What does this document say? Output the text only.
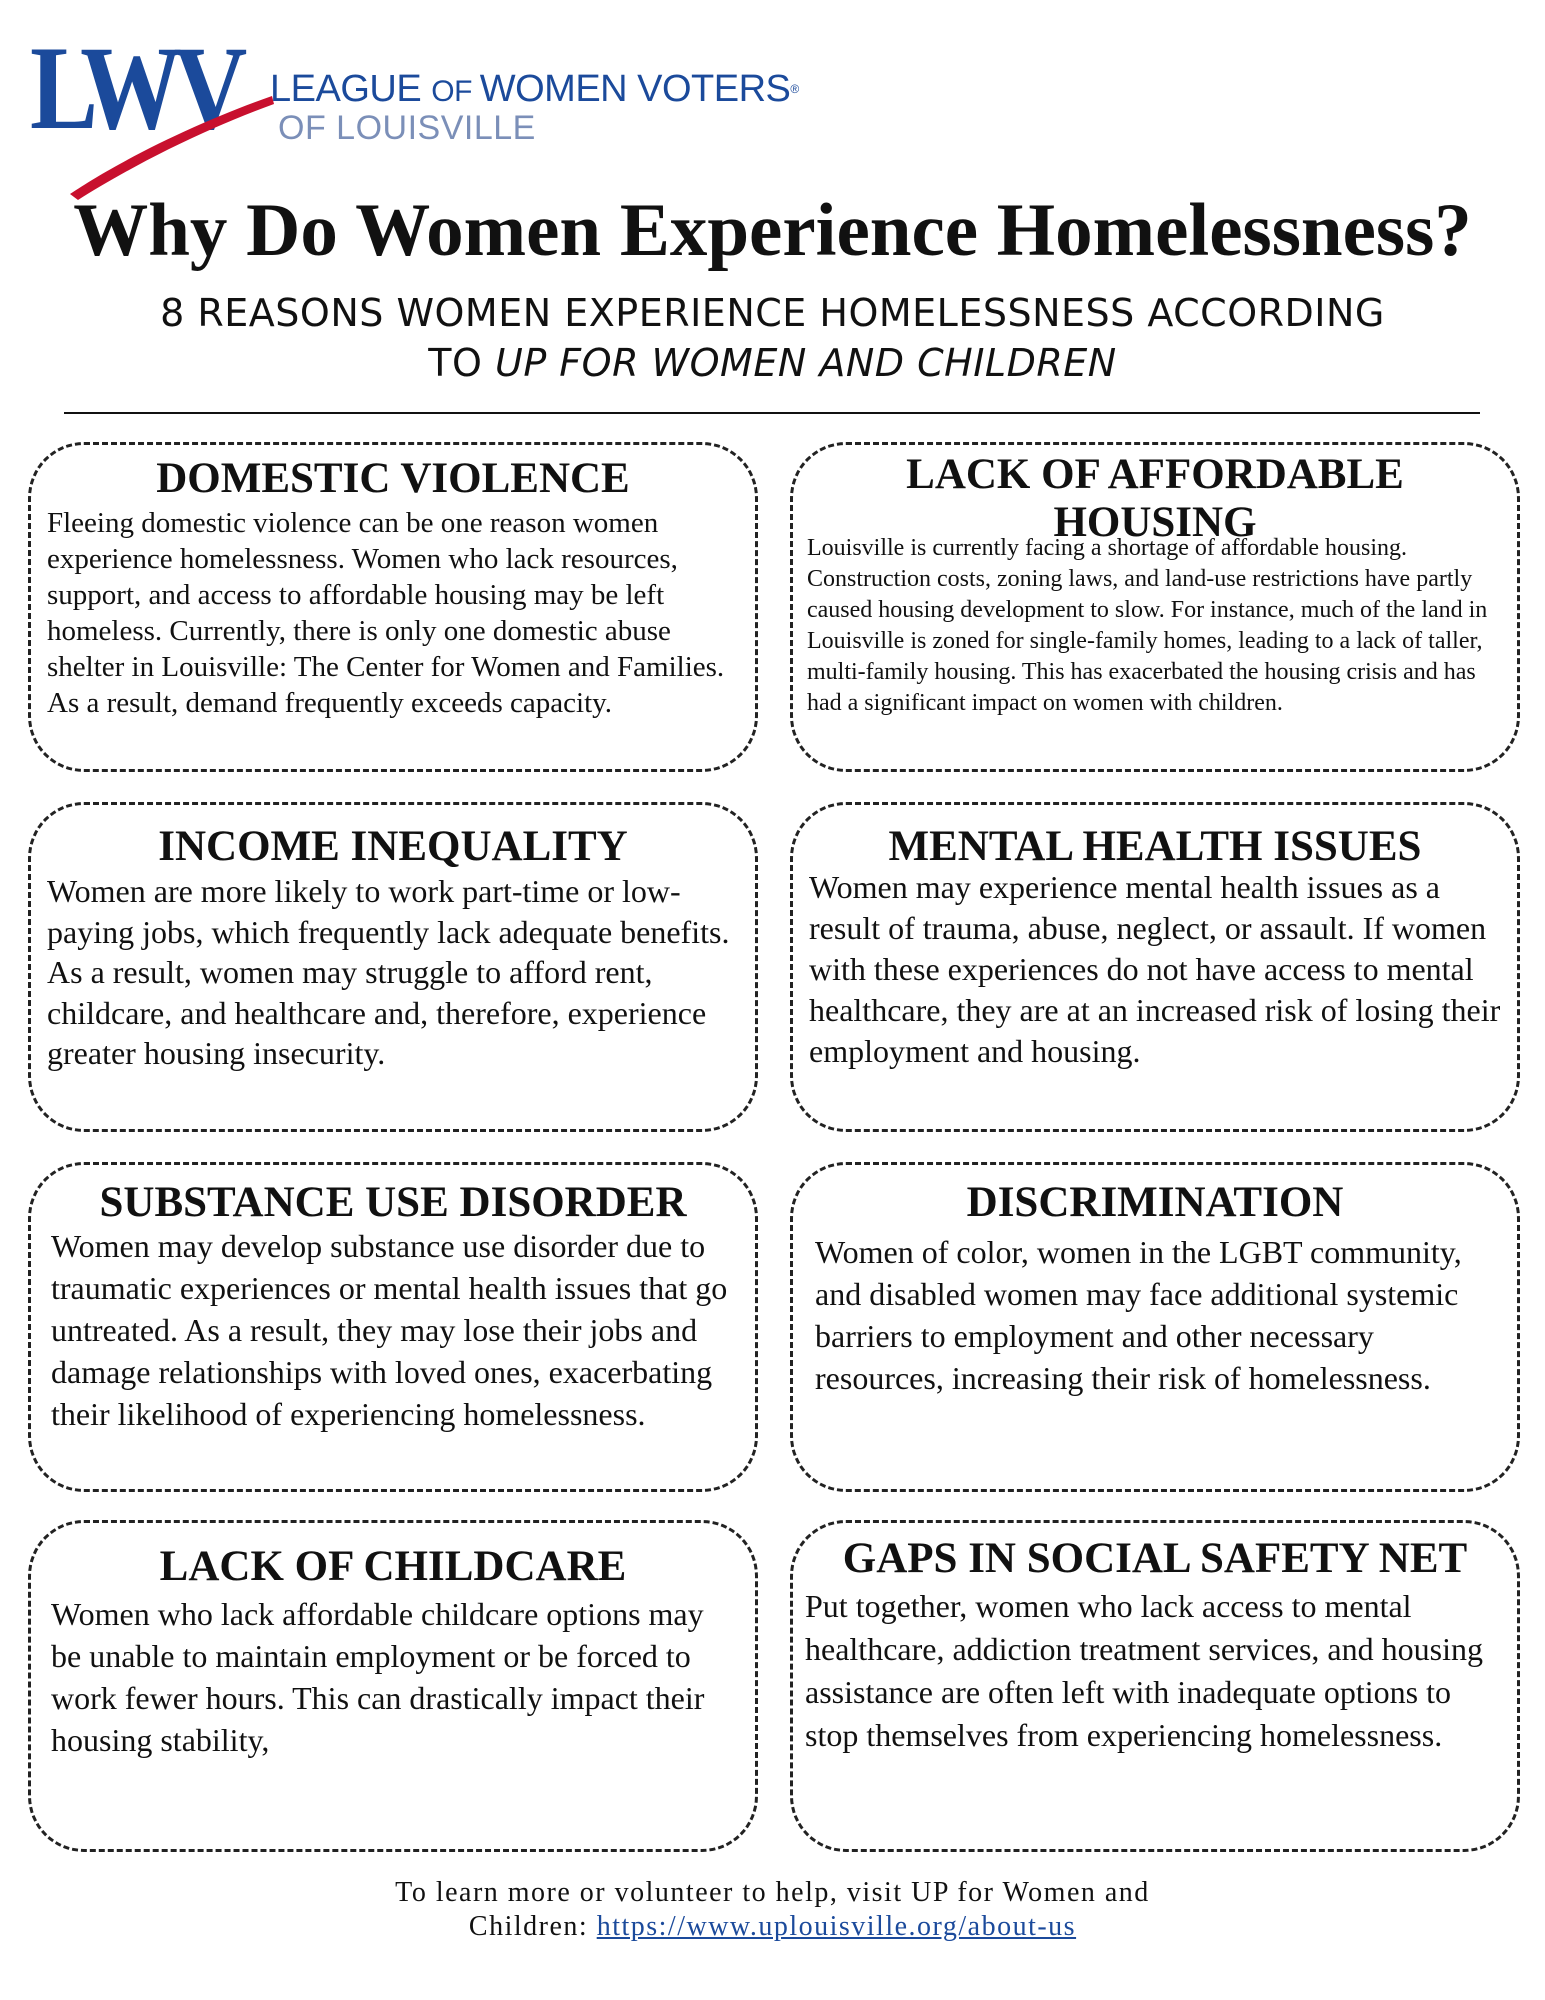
LWV LEAGUE OF WOMEN VOTERS®
OF LOUISVILLE
Why Do Women Experience Homelessness?
8 REASONS WOMEN EXPERIENCE HOMELESSNESS ACCORDING
TO UP FOR WOMEN AND CHILDREN
DOMESTIC VIOLENCE

Fleeing domestic violence can be one reason women experience homelessness. Women who lack resources, support, and access to affordable housing may be left homeless. Currently, there is only one domestic abuse shelter in Louisville: The Center for Women and Families. As a result, demand frequently exceeds capacity.

LACK OF AFFORDABLE HOUSING

Louisville is currently facing a shortage of affordable housing. Construction costs, zoning laws, and land-use restrictions have partly caused housing development to slow. For instance, much of the land in Louisville is zoned for single-family homes, leading to a lack of taller, multi-family housing. This has exacerbated the housing crisis and has had a significant impact on women with children.

INCOME INEQUALITY

Women are more likely to work part-time or low-paying jobs, which frequently lack adequate benefits. As a result, women may struggle to afford rent, childcare, and healthcare and, therefore, experience greater housing insecurity.

MENTAL HEALTH ISSUES

Women may experience mental health issues as a result of trauma, abuse, neglect, or assault. If women with these experiences do not have access to mental healthcare, they are at an increased risk of losing their employment and housing.

SUBSTANCE USE DISORDER

Women may develop substance use disorder due to traumatic experiences or mental health issues that go untreated. As a result, they may lose their jobs and damage relationships with loved ones, exacerbating their likelihood of experiencing homelessness.

DISCRIMINATION

Women of color, women in the LGBT community, and disabled women may face additional systemic barriers to employment and other necessary resources, increasing their risk of homelessness.

LACK OF CHILDCARE

Women who lack affordable childcare options may be unable to maintain employment or be forced to work fewer hours. This can drastically impact their housing stability,

GAPS IN SOCIAL SAFETY NET

Put together, women who lack access to mental healthcare, addiction treatment services, and housing assistance are often left with inadequate options to stop themselves from experiencing homelessness.

To learn more or volunteer to help, visit UP for Women and
Children: https://www.uplouisville.org/about-us
